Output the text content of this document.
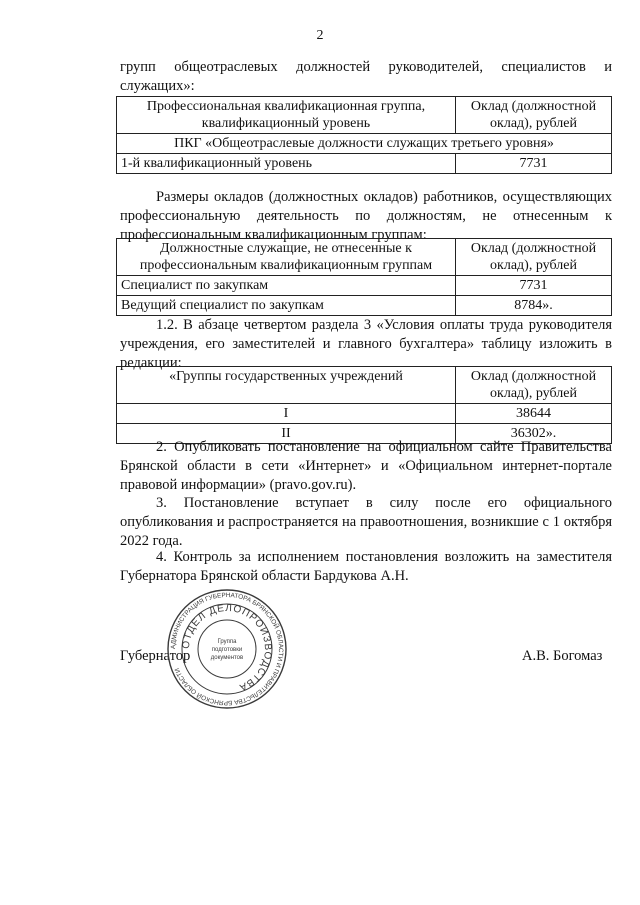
2
групп общеотраслевых должностей руководителей, специалистов и служащих»:
Профессиональная квалификационная группа, квалификационный уровень	Оклад (должностной оклад), рублей
ПКГ «Общеотраслевые должности служащих третьего уровня»	
1-й квалификационный уровень	7731
Размеры окладов (должностных окладов) работников, осуществляющих профессиональную деятельность по должностям, не отнесенным к профессиональным квалификационным группам:
Должностные служащие, не отнесенные к профессиональным квалификационным группам	Оклад (должностной оклад), рублей
Специалист по закупкам	7731
Ведущий специалист по закупкам	8784».
1.2. В абзаце четвертом раздела 3 «Условия оплаты труда руководителя учреждения, его заместителей и главного бухгалтера» таблицу изложить в редакции:
«Группы государственных учреждений	Оклад (должностной оклад), рублей
I	38644
II	36302».
2. Опубликовать постановление на официальном сайте Правительства Брянской области в сети «Интернет» и «Официальном интернет-портале правовой информации» (pravo.gov.ru).
3. Постановление вступает в силу после его официального опубликования и распространяется на правоотношения, возникшие с 1 октября 2022 года.
4. Контроль за исполнением постановления возложить на заместителя Губернатора Брянской области Бардукова А.Н.
Губернатор	А.В. Богомаз
АДМИНИСТРАЦИЯ ГУБЕРНАТОРА БРЯНСКОЙ ОБЛАСТИ И ПРАВИТЕЛЬСТВА БРЯНСКОЙ ОБЛАСТИ
ОТДЕЛ ДЕЛОПРОИЗВОДСТВА
Группа
подготовки
документов
